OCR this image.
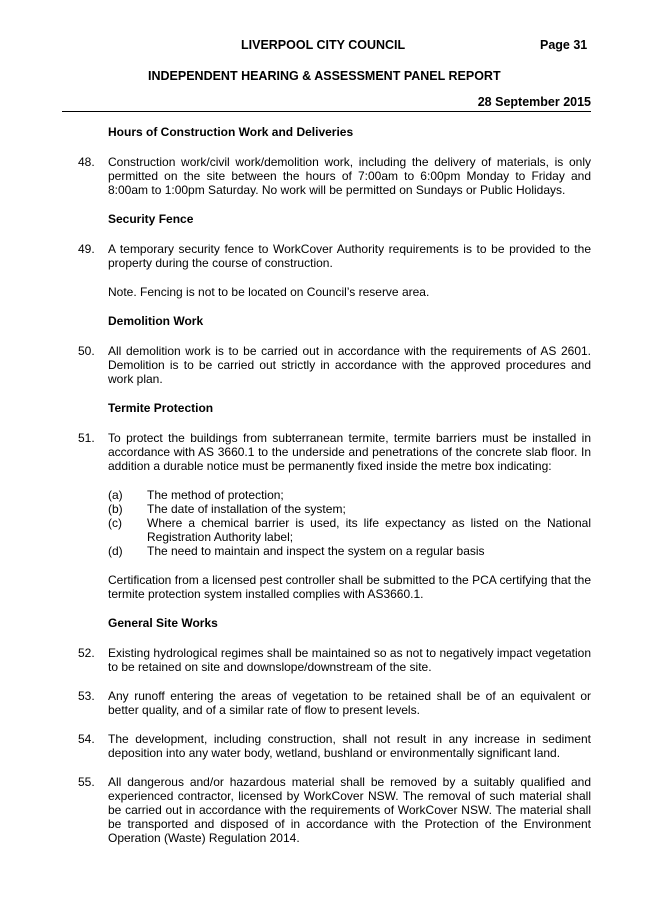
LIVERPOOL CITY COUNCIL	Page 31
INDEPENDENT HEARING & ASSESSMENT PANEL REPORT
28 September 2015
Hours of Construction Work and Deliveries
48.	Construction work/civil work/demolition work, including the delivery of materials, is only permitted on the site between the hours of 7:00am to 6:00pm Monday to Friday and 8:00am to 1:00pm Saturday. No work will be permitted on Sundays or Public Holidays.
Security Fence
49.	A temporary security fence to WorkCover Authority requirements is to be provided to the property during the course of construction.
Note. Fencing is not to be located on Council’s reserve area.
Demolition Work
50.	All demolition work is to be carried out in accordance with the requirements of AS 2601. Demolition is to be carried out strictly in accordance with the approved procedures and work plan.
Termite Protection
51.	To protect the buildings from subterranean termite, termite barriers must be installed in accordance with AS 3660.1 to the underside and penetrations of the concrete slab floor. In addition a durable notice must be permanently fixed inside the metre box indicating:
(a)	The method of protection;
(b)	The date of installation of the system;
(c)	Where a chemical barrier is used, its life expectancy as listed on the National Registration Authority label;
(d)	The need to maintain and inspect the system on a regular basis
Certification from a licensed pest controller shall be submitted to the PCA certifying that the termite protection system installed complies with AS3660.1.
General Site Works
52.	Existing hydrological regimes shall be maintained so as not to negatively impact vegetation to be retained on site and downslope/downstream of the site.
53.	Any runoff entering the areas of vegetation to be retained shall be of an equivalent or better quality, and of a similar rate of flow to present levels.
54.	The development, including construction, shall not result in any increase in sediment deposition into any water body, wetland, bushland or environmentally significant land.
55.	All dangerous and/or hazardous material shall be removed by a suitably qualified and experienced contractor, licensed by WorkCover NSW. The removal of such material shall be carried out in accordance with the requirements of WorkCover NSW. The material shall be transported and disposed of in accordance with the Protection of the Environment Operation (Waste) Regulation 2014.
